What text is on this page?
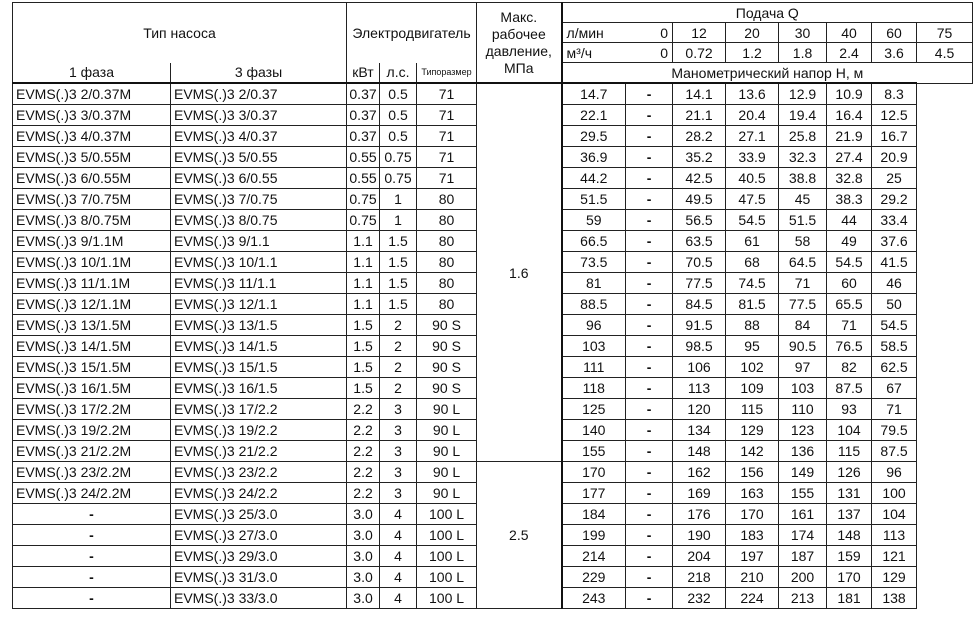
Тип насоса		Электродвигатель			Макс.
рабочее
давление,
МПа	Подача Q								
						л/мин	0		12	20	30	40	60	75
						м³/ч	0		0.72	1.2	1.8	2.4	3.6	4.5
1 фаза	3 фазы	кВт	л.с.	Типоразмер		Манометрический напор H, м								
EVMS(.)3 2/0.37M	EVMS(.)3 2/0.37	0.37	0.5	71	1.6	14.7		-	14.1	13.6	12.9	10.9	8.3	
EVMS(.)3 3/0.37M	EVMS(.)3 3/0.37	0.37	0.5	71		22.1		-	21.1	20.4	19.4	16.4	12.5	
EVMS(.)3 4/0.37M	EVMS(.)3 4/0.37	0.37	0.5	71		29.5		-	28.2	27.1	25.8	21.9	16.7	
EVMS(.)3 5/0.55M	EVMS(.)3 5/0.55	0.55	0.75	71		36.9		-	35.2	33.9	32.3	27.4	20.9	
EVMS(.)3 6/0.55M	EVMS(.)3 6/0.55	0.55	0.75	71		44.2		-	42.5	40.5	38.8	32.8	25	
EVMS(.)3 7/0.75M	EVMS(.)3 7/0.75	0.75	1	80		51.5		-	49.5	47.5	45	38.3	29.2	
EVMS(.)3 8/0.75M	EVMS(.)3 8/0.75	0.75	1	80		59		-	56.5	54.5	51.5	44	33.4	
EVMS(.)3 9/1.1M	EVMS(.)3 9/1.1	1.1	1.5	80		66.5		-	63.5	61	58	49	37.6	
EVMS(.)3 10/1.1M	EVMS(.)3 10/1.1	1.1	1.5	80		73.5		-	70.5	68	64.5	54.5	41.5	
EVMS(.)3 11/1.1M	EVMS(.)3 11/1.1	1.1	1.5	80		81		-	77.5	74.5	71	60	46	
EVMS(.)3 12/1.1M	EVMS(.)3 12/1.1	1.1	1.5	80		88.5		-	84.5	81.5	77.5	65.5	50	
EVMS(.)3 13/1.5M	EVMS(.)3 13/1.5	1.5	2	90 S		96		-	91.5	88	84	71	54.5	
EVMS(.)3 14/1.5M	EVMS(.)3 14/1.5	1.5	2	90 S		103		-	98.5	95	90.5	76.5	58.5	
EVMS(.)3 15/1.5M	EVMS(.)3 15/1.5	1.5	2	90 S		111		-	106	102	97	82	62.5	
EVMS(.)3 16/1.5M	EVMS(.)3 16/1.5	1.5	2	90 S		118		-	113	109	103	87.5	67	
EVMS(.)3 17/2.2M	EVMS(.)3 17/2.2	2.2	3	90 L		125		-	120	115	110	93	71	
EVMS(.)3 19/2.2M	EVMS(.)3 19/2.2	2.2	3	90 L		140		-	134	129	123	104	79.5	
EVMS(.)3 21/2.2M	EVMS(.)3 21/2.2	2.2	3	90 L		155		-	148	142	136	115	87.5	
EVMS(.)3 23/2.2M	EVMS(.)3 23/2.2	2.2	3	90 L	2.5	170		-	162	156	149	126	96	
EVMS(.)3 24/2.2M	EVMS(.)3 24/2.2	2.2	3	90 L		177		-	169	163	155	131	100	
-	EVMS(.)3 25/3.0	3.0	4	100 L		184		-	176	170	161	137	104	
-	EVMS(.)3 27/3.0	3.0	4	100 L		199		-	190	183	174	148	113	
-	EVMS(.)3 29/3.0	3.0	4	100 L		214		-	204	197	187	159	121	
-	EVMS(.)3 31/3.0	3.0	4	100 L		229		-	218	210	200	170	129	
-	EVMS(.)3 33/3.0	3.0	4	100 L		243		-	232	224	213	181	138	
